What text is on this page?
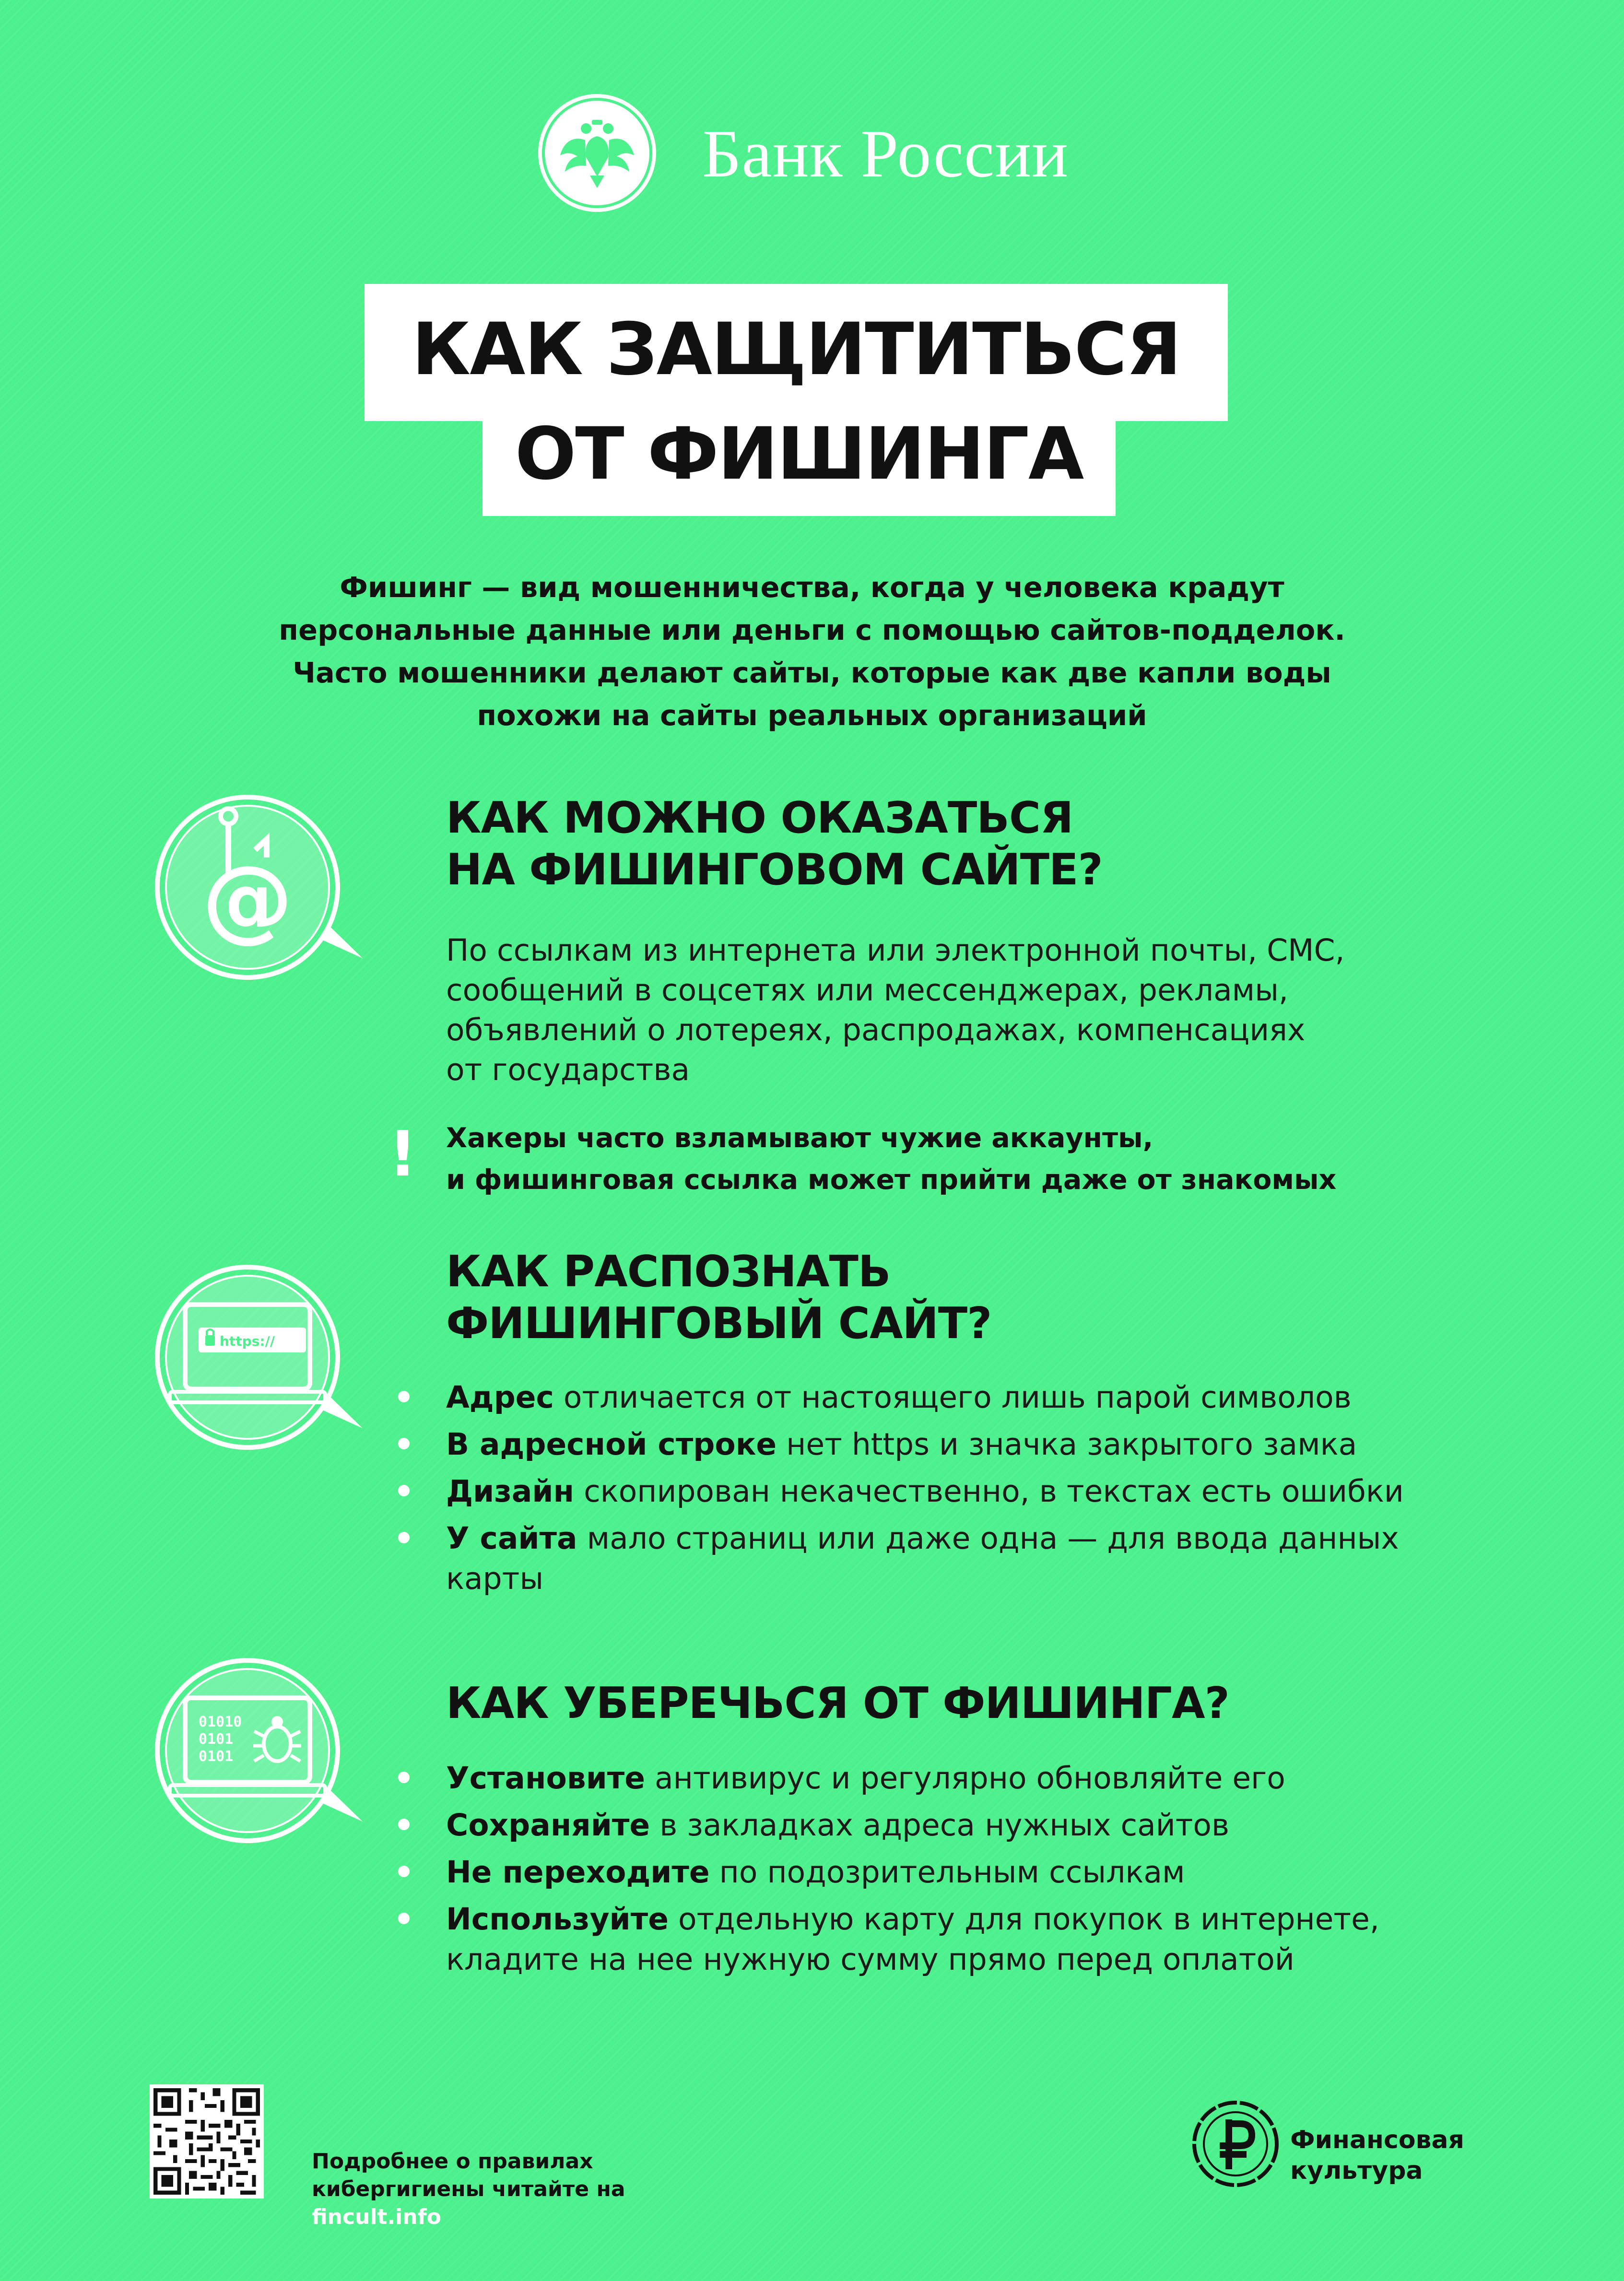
Банк России
КАК ЗАЩИТИТЬСЯ
ОТ ФИШИНГА
Фишинг — вид мошенничества, когда у человека крадут
персональные данные или деньги с помощью сайтов-подделок.
Часто мошенники делают сайты, которые как две капли воды
похожи на сайты реальных организаций
@
КАК МОЖНО ОКАЗАТЬСЯ
НА ФИШИНГОВОМ САЙТЕ?
По ссылкам из интернета или электронной почты, СМС,
сообщений в соцсетях или мессенджерах, рекламы,
объявлений о лотереях, распродажах, компенсациях
от государства
! Хакеры часто взламывают чужие аккаунты,
и фишинговая ссылка может прийти даже от знакомых
https://
КАК РАСПОЗНАТЬ
ФИШИНГОВЫЙ САЙТ?
Адрес отличается от настоящего лишь парой символов
В адресной строке нет https и значка закрытого замка
Дизайн скопирован некачественно, в текстах есть ошибки
У сайта мало страниц или даже одна — для ввода данных
карты
01010
0101
0101
КАК УБЕРЕЧЬСЯ ОТ ФИШИНГА?
Установите антивирус и регулярно обновляйте его
Сохраняйте в закладках адреса нужных сайтов
Не переходите по подозрительным ссылкам
Используйте отдельную карту для покупок в интернете,
кладите на нее нужную сумму прямо перед оплатой
Подробнее о правилах
кибергигиены читайте на
fincult.info
Финансовая
культура
